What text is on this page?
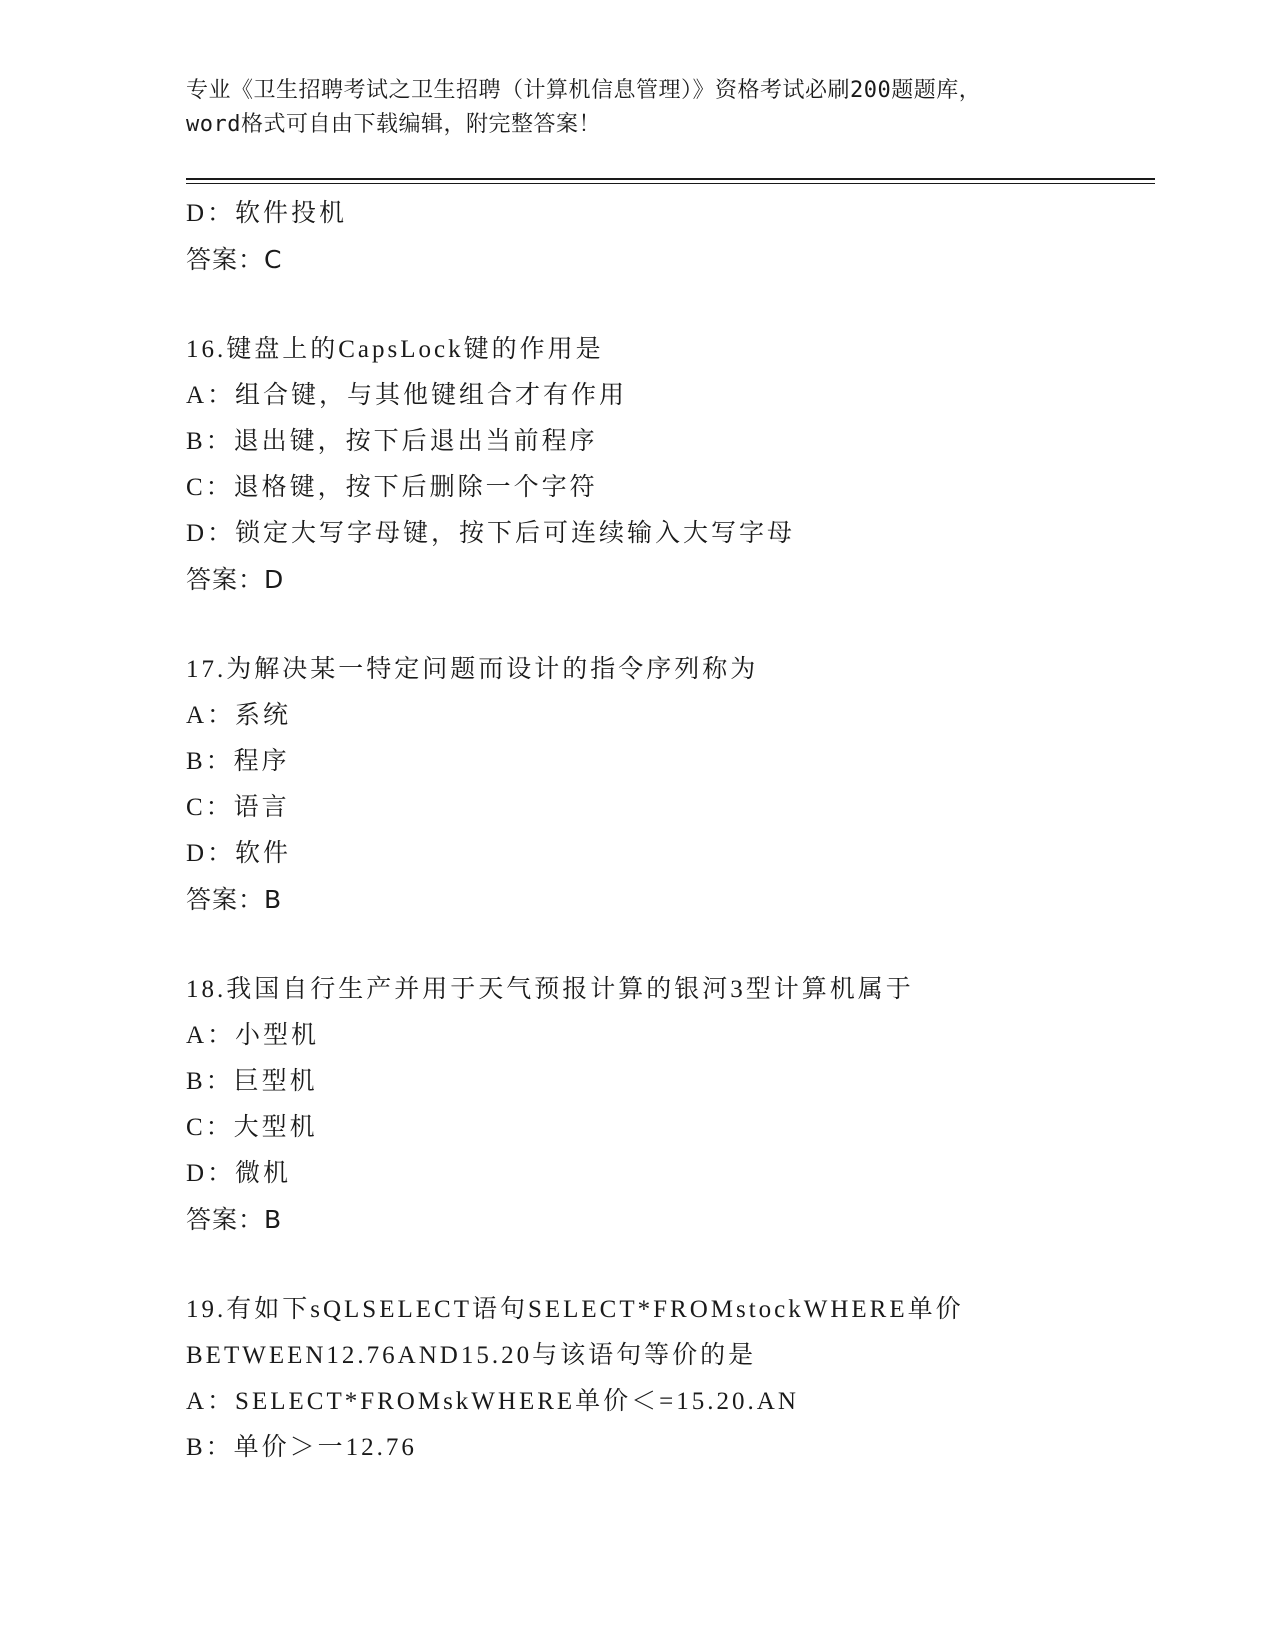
专业《卫生招聘考试之卫生招聘（计算机信息管理）》资格考试必刷200题题库，
word格式可自由下载编辑，附完整答案！
D：软件投机
答案：C
16.键盘上的CapsLock键的作用是
A：组合键，与其他键组合才有作用
B：退出键，按下后退出当前程序
C：退格键，按下后删除一个字符
D：锁定大写字母键，按下后可连续输入大写字母
答案：D
17.为解决某一特定问题而设计的指令序列称为
A：系统
B：程序
C：语言
D：软件
答案：B
18.我国自行生产并用于天气预报计算的银河3型计算机属于
A：小型机
B：巨型机
C：大型机
D：微机
答案：B
19.有如下sQLSELECT语句SELECT*FROMstockWHERE单价
BETWEEN12.76AND15.20与该语句等价的是
A：SELECT*FROMskWHERE单价＜=15.20.AN
B：单价＞一12.76
